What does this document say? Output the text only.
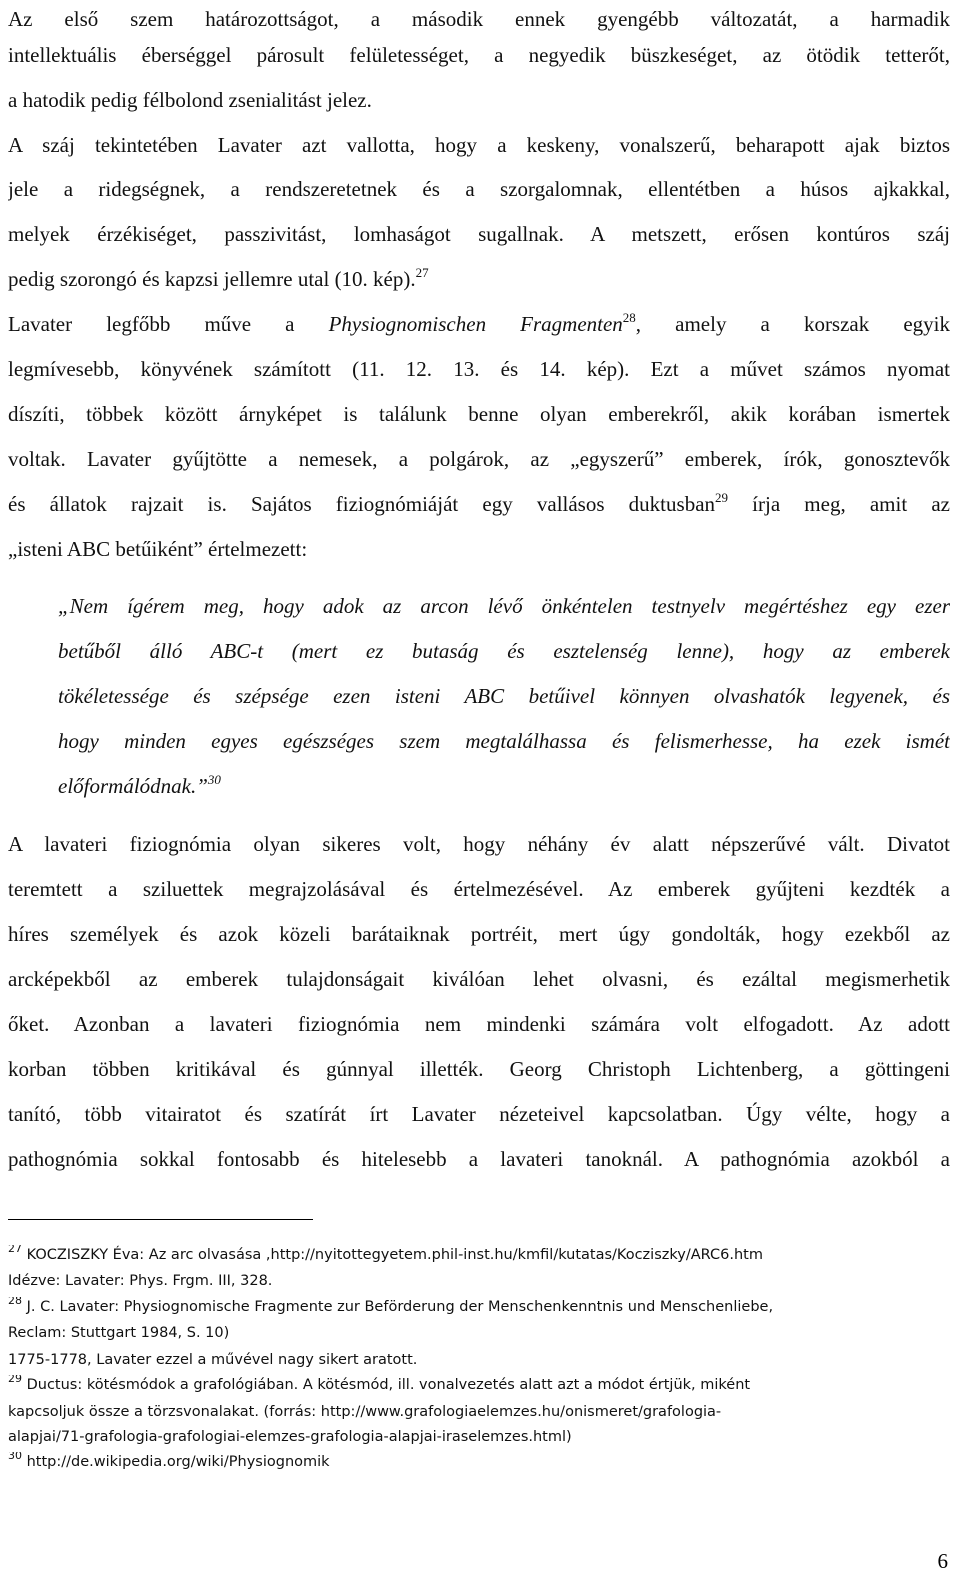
Az első szem határozottságot, a második ennek gyengébb változatát, a harmadik
intellektuális éberséggel párosult felületességet, a negyedik büszkeséget, az ötödik tetterőt,
a hatodik pedig félbolond zsenialitást jelez.
A száj tekintetében Lavater azt vallotta, hogy a keskeny, vonalszerű, beharapott ajak biztos
jele a ridegségnek, a rendszeretetnek és a szorgalomnak, ellentétben a húsos ajkakkal,
melyek érzékiséget, passzivitást, lomhaságot sugallnak. A metszett, erősen kontúros száj
pedig szorongó és kapzsi jellemre utal (10. kép).$^{27}$
Lavater legfőbb műve a Physiognomischen Fragmenten$^{28}$, amely a korszak egyik
legmívesebb, könyvének számított (11. 12. 13. és 14. kép). Ezt a művet számos nyomat
díszíti, többek között árnyképet is találunk benne olyan emberekről, akik korában ismertek
voltak. Lavater gyűjtötte a nemesek, a polgárok, az „egyszerű” emberek, írók, gonosztevők
és állatok rajzait is. Sajátos fiziognómiáját egy vallásos duktusban$^{29}$ írja meg, amit az
„isteni ABC betűiként” értelmezett:
„Nem ígérem meg, hogy adok az arcon lévő önkéntelen testnyelv megértéshez egy ezer
betűből álló ABC-t (mert ez butaság és esztelenség lenne), hogy az emberek
tökéletessége és szépsége ezen isteni ABC betűivel könnyen olvashatók legyenek, és
hogy minden egyes egészséges szem megtalálhassa és felismerhesse, ha ezek ismét
előformálódnak.”$^{30}$
A lavateri fiziognómia olyan sikeres volt, hogy néhány év alatt népszerűvé vált. Divatot
teremtett a sziluettek megrajzolásával és értelmezésével. Az emberek gyűjteni kezdték a
híres személyek és azok közeli barátaiknak portréit, mert úgy gondolták, hogy ezekből az
arcképekből az emberek tulajdonságait kiválóan lehet olvasni, és ezáltal megismerhetik
őket. Azonban a lavateri fiziognómia nem mindenki számára volt elfogadott. Az adott
korban többen kritikával és gúnnyal illették. Georg Christoph Lichtenberg, a göttingeni
tanító, több vitairatot és szatírát írt Lavater nézeteivel kapcsolatban. Úgy vélte, hogy a
pathognómia sokkal fontosabb és hitelesebb a lavateri tanoknál. A pathognómia azokból a
$^{27}$ KOCZISZKY Éva: Az arc olvasása ,http://nyitottegyetem.phil-inst.hu/kmfil/kutatas/Kocziszky/ARC6.htm
Idézve: Lavater: Phys. Frgm. III, 328.
$^{28}$ J. C. Lavater: Physiognomische Fragmente zur Beförderung der Menschenkenntnis und Menschenliebe,
Reclam: Stuttgart 1984, S. 10)
1775-1778, Lavater ezzel a művével nagy sikert aratott.
$^{29}$ Ductus: kötésmódok a grafológiában. A kötésmód, ill. vonalvezetés alatt azt a módot értjük, miként
kapcsoljuk össze a törzsvonalakat. (forrás: http://www.grafologiaelemzes.hu/onismeret/grafologia-
alapjai/71-grafologia-grafologiai-elemzes-grafologia-alapjai-iraselemzes.html)
$^{30}$ http://de.wikipedia.org/wiki/Physiognomik
6
